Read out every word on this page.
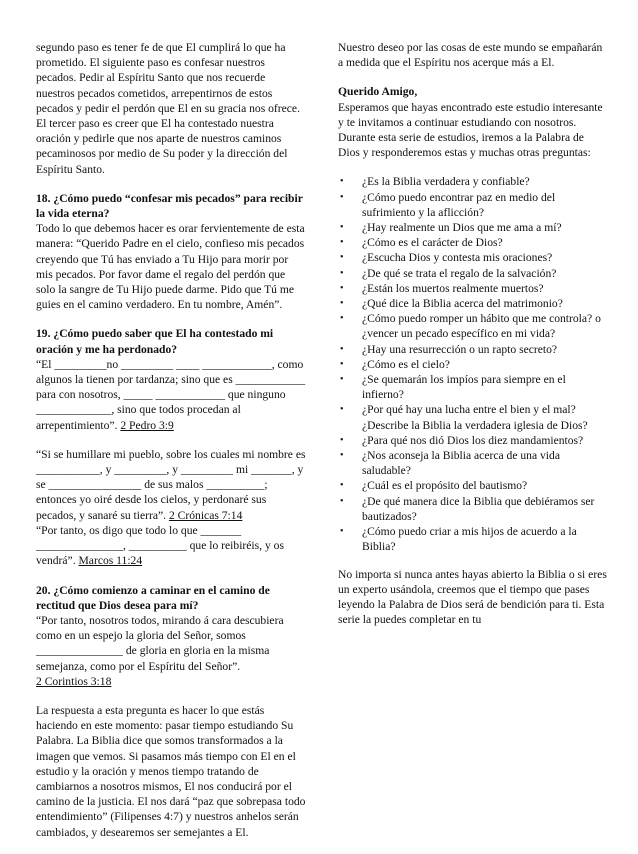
segundo paso es tener fe de que El cumplirá lo que ha prometido. El siguiente paso es confesar nuestros pecados. Pedir al Espíritu Santo que nos recuerde nuestros pecados cometidos, arrepentirnos de estos pecados y pedir el perdón que El en su gracia nos ofrece. El tercer paso es creer que El ha contestado nuestra oración y pedirle que nos aparte de nuestros caminos pecaminosos por medio de Su poder y la dirección del Espíritu Santo.

18. ¿Cómo puedo “confesar mis pecados” para recibir la vida eterna?

Todo lo que debemos hacer es orar fervientemente de esta manera: “Querido Padre en el cielo, confieso mis pecados creyendo que Tú has enviado a Tu Hijo para morir por mis pecados. Por favor dame el regalo del perdón que solo la sangre de Tu Hijo puede darme. Pido que Tú me guies en el camino verdadero. En tu nombre, Amén”.

19. ¿Cómo puedo saber que El ha contestado mi oración y me ha perdonado?

“El _________no _________ ____ ____________, como algunos la tienen por tardanza; sino que es ____________ para con nosotros, _____ ____________ que ninguno _____________, sino que todos procedan al arrepentimiento”. 2 Pedro 3:9

“Si se humillare mi pueblo, sobre los cuales mi nombre es ___________, y _________, y _________ mi _______, y se ________________ de sus malos __________; entonces yo oiré desde los cielos, y perdonaré sus pecados, y sanaré su tierra”. 2 Crónicas 7:14

“Por tanto, os digo que todo lo que _______ _______________, __________ que lo reibiréis, y os vendrá”. Marcos 11:24

20. ¿Cómo comienzo a caminar en el camino de rectitud que Dios desea para mí?

“Por tanto, nosotros todos, mirando á cara descubiera como en un espejo la gloria del Señor, somos _______________ de gloria en gloria en la misma semejanza, como por el Espíritu del Señor”.
2 Corintios 3:18

La respuesta a esta pregunta es hacer lo que estás haciendo en este momento: pasar tiempo estudiando Su Palabra. La Biblia dice que somos transformados a la imagen que vemos. Si pasamos más tiempo con El en el estudio y la oración y menos tiempo tratando de cambiarnos a nosotros mismos, El nos conducirá por el camino de la justicia. El nos dará “paz que sobrepasa todo entendimiento” (Filipenses 4:7) y nuestros anhelos serán cambiados, y desearemos ser semejantes a El.

Nuestro deseo por las cosas de este mundo se empañarán a medida que el Espíritu nos acerque más a El.

Querido Amigo,

Esperamos que hayas encontrado este estudio interesante y te invitamos a continuar estudiando con nosotros. Durante esta serie de estudios, iremos a la Palabra de Dios y responderemos estas y muchas otras preguntas:

• ¿Es la Biblia verdadera y confiable?
• ¿Cómo puedo encontrar paz en medio del sufrimiento y la aflicción?
• ¿Hay realmente un Dios que me ama a mí?
• ¿Cómo es el carácter de Dios?
• ¿Escucha Dios y contesta mis oraciones?
• ¿De qué se trata el regalo de la salvación?
• ¿Están los muertos realmente muertos?
• ¿Qué dice la Biblia acerca del matrimonio?
• ¿Cómo puedo romper un hábito que me controla? o ¿vencer un pecado específico en mi vida?
• ¿Hay una resurrección o un rapto secreto?
• ¿Cómo es el cielo?
• ¿Se quemarán los impíos para siempre en el infierno?
• ¿Por qué hay una lucha entre el bien y el mal? ¿Describe la Biblia la verdadera iglesia de Dios?
• ¿Para qué nos dió Dios los diez mandamientos?
• ¿Nos aconseja la Biblia acerca de una vida saludable?
• ¿Cuál es el propósito del bautismo?
• ¿De qué manera dice la Biblia que debiéramos ser bautizados?
• ¿Cómo puedo criar a mis hijos de acuerdo a la Biblia?

No importa si nunca antes hayas abierto la Biblia o si eres un experto usándola, creemos que el tiempo que pases leyendo la Palabra de Dios será de bendición para ti. Esta serie la puedes completar en tu
